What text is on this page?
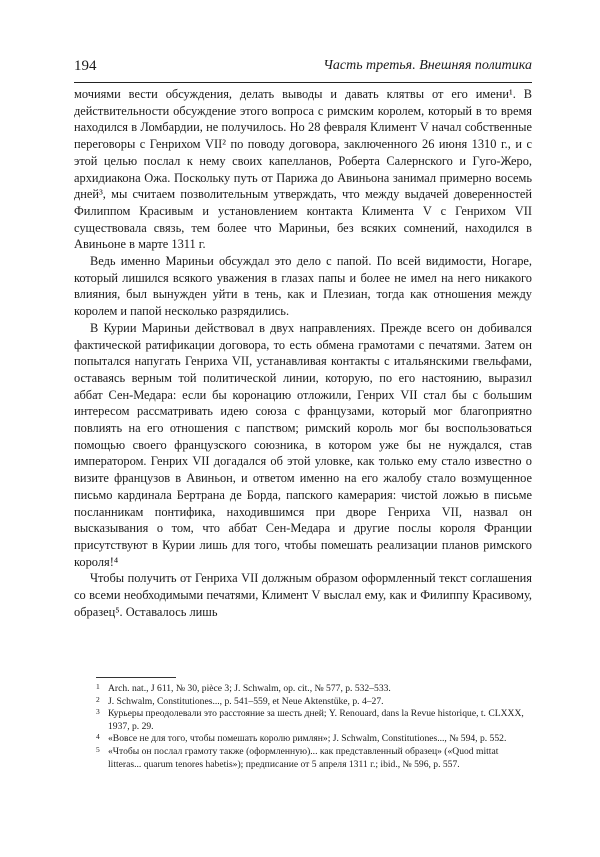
194	Часть третья. Внешняя политика

мочиями вести обсуждения, делать выводы и давать клятвы от его имени¹. В действительности обсуждение этого вопроса с римским королем, который в то время находился в Ломбардии, не получилось. Но 28 февраля Климент V начал собственные переговоры с Генрихом VII² по поводу договора, заключенного 26 июня 1310 г., и с этой целью послал к нему своих капелланов, Роберта Салернского и Гуго-Жеро, архидиакона Ожа. Поскольку путь от Парижа до Авиньона занимал примерно восемь дней³, мы считаем позволительным утверждать, что между выдачей доверенностей Филиппом Красивым и установлением контакта Климента V с Генрихом VII существовала связь, тем более что Мариньи, без всяких сомнений, находился в Авиньоне в марте 1311 г.

Ведь именно Мариньи обсуждал это дело с папой. По всей видимости, Ногаре, который лишился всякого уважения в глазах папы и более не имел на него никакого влияния, был вынужден уйти в тень, как и Плезиан, тогда как отношения между королем и папой несколько разрядились.

В Курии Мариньи действовал в двух направлениях. Прежде всего он добивался фактической ратификации договора, то есть обмена грамотами с печатями. Затем он попытался напугать Генриха VII, устанавливая контакты с итальянскими гвельфами, оставаясь верным той политической линии, которую, по его настоянию, выразил аббат Сен-Медара: если бы коронацию отложили, Генрих VII стал бы с большим интересом рассматривать идею союза с французами, который мог благоприятно повлиять на его отношения с папством; римский король мог бы воспользоваться помощью своего французского союзника, в котором уже бы не нуждался, став императором. Генрих VII догадался об этой уловке, как только ему стало известно о визите французов в Авиньон, и ответом именно на его жалобу стало возмущенное письмо кардинала Бертрана де Борда, папского камерария: чистой ложью в письме посланникам понтифика, находившимся при дворе Генриха VII, назвал он высказывания о том, что аббат Сен-Медара и другие послы короля Франции присутствуют в Курии лишь для того, чтобы помешать реализации планов римского короля!⁴

Чтобы получить от Генриха VII должным образом оформленный текст соглашения со всеми необходимыми печатями, Климент V выслал ему, как и Филиппу Красивому, образец⁵. Оставалось лишь

1 Arch. nat., J 611, № 30, pièce 3; J. Schwalm, op. cit., № 577, p. 532–533.

2 J. Schwalm, Constitutiones..., p. 541–559, et Neue Aktenstüke, p. 4–27.

3 Курьеры преодолевали это расстояние за шесть дней; Y. Renouard, dans la Revue historique, t. CLXXX, 1937, p. 29.

4 «Вовсе не для того, чтобы помешать королю римлян»; J. Schwalm, Constitutiones..., № 594, p. 552.

5 «Чтобы он послал грамоту также (оформленную)... как представленный образец» («Quod mittat litteras... quarum tenores habetis»); предписание от 5 апреля 1311 г.; ibid., № 596, p. 557.
